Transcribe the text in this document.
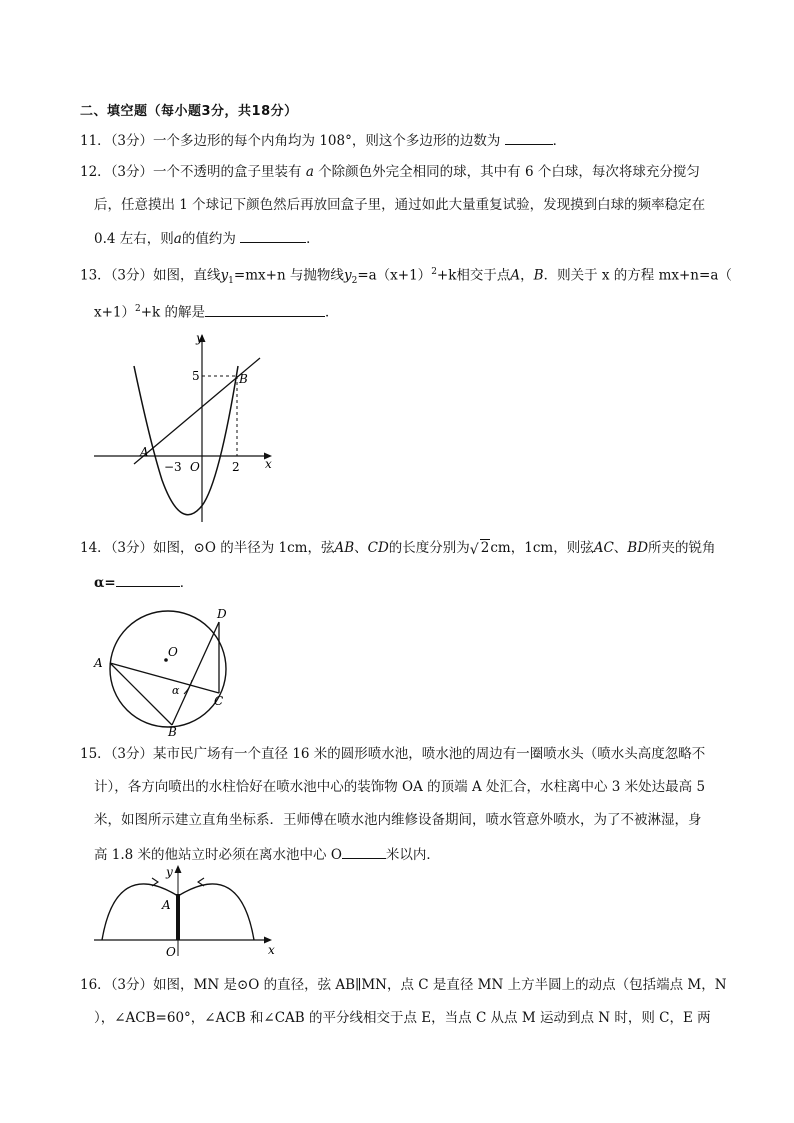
二、填空题（每小题3分，共18分）
11．（3分）一个多边形的每个内角均为 108°，则这个多边形的边数为	．
12．（3分）一个不透明的盒子里装有 a 个除颜色外完全相同的球，其中有 6 个白球，每次将球充分搅匀
后，任意摸出 1 个球记下颜色然后再放回盒子里，通过如此大量重复试验，发现摸到白球的频率稳定在
0.4 左右，则a的值约为	．
13．（3分）如图，直线$y_1=mx+n$ 与抛物线$y_2=a(x+1)^2+k$相交于点A，B．则关于 x 的方程 mx+n=a（
x+1）$^2$+k 的解是	．
y
x
O
5
−3	2
A
B
14．（3分）如图，⊙O 的半径为 1cm，弦AB、CD的长度分别为 √ 2cm，1cm，则弦AC、BD所夹的锐角
α=	．
O
A
B
C
D
α
15．（3分）某市民广场有一个直径 16 米的圆形喷水池，喷水池的周边有一圈喷水头（喷水头高度忽略不
计），各方向喷出的水柱恰好在喷水池中心的装饰物 OA 的顶端 A 处汇合，水柱离中心 3 米处达最高 5
米，如图所示建立直角坐标系．王师傅在喷水池内维修设备期间，喷水管意外喷水，为了不被淋湿，身
高 1.8 米的他站立时必须在离水池中心 O	米以内．
y
A
O	x
16．（3分）如图，MN 是⊙O 的直径，弦 AB∥MN，点 C 是直径 MN 上方半圆上的动点（包括端点 M，N
），∠ACB=60°，∠ACB 和∠CAB 的平分线相交于点 E，当点 C 从点 M 运动到点 N 时，则 C，E 两
